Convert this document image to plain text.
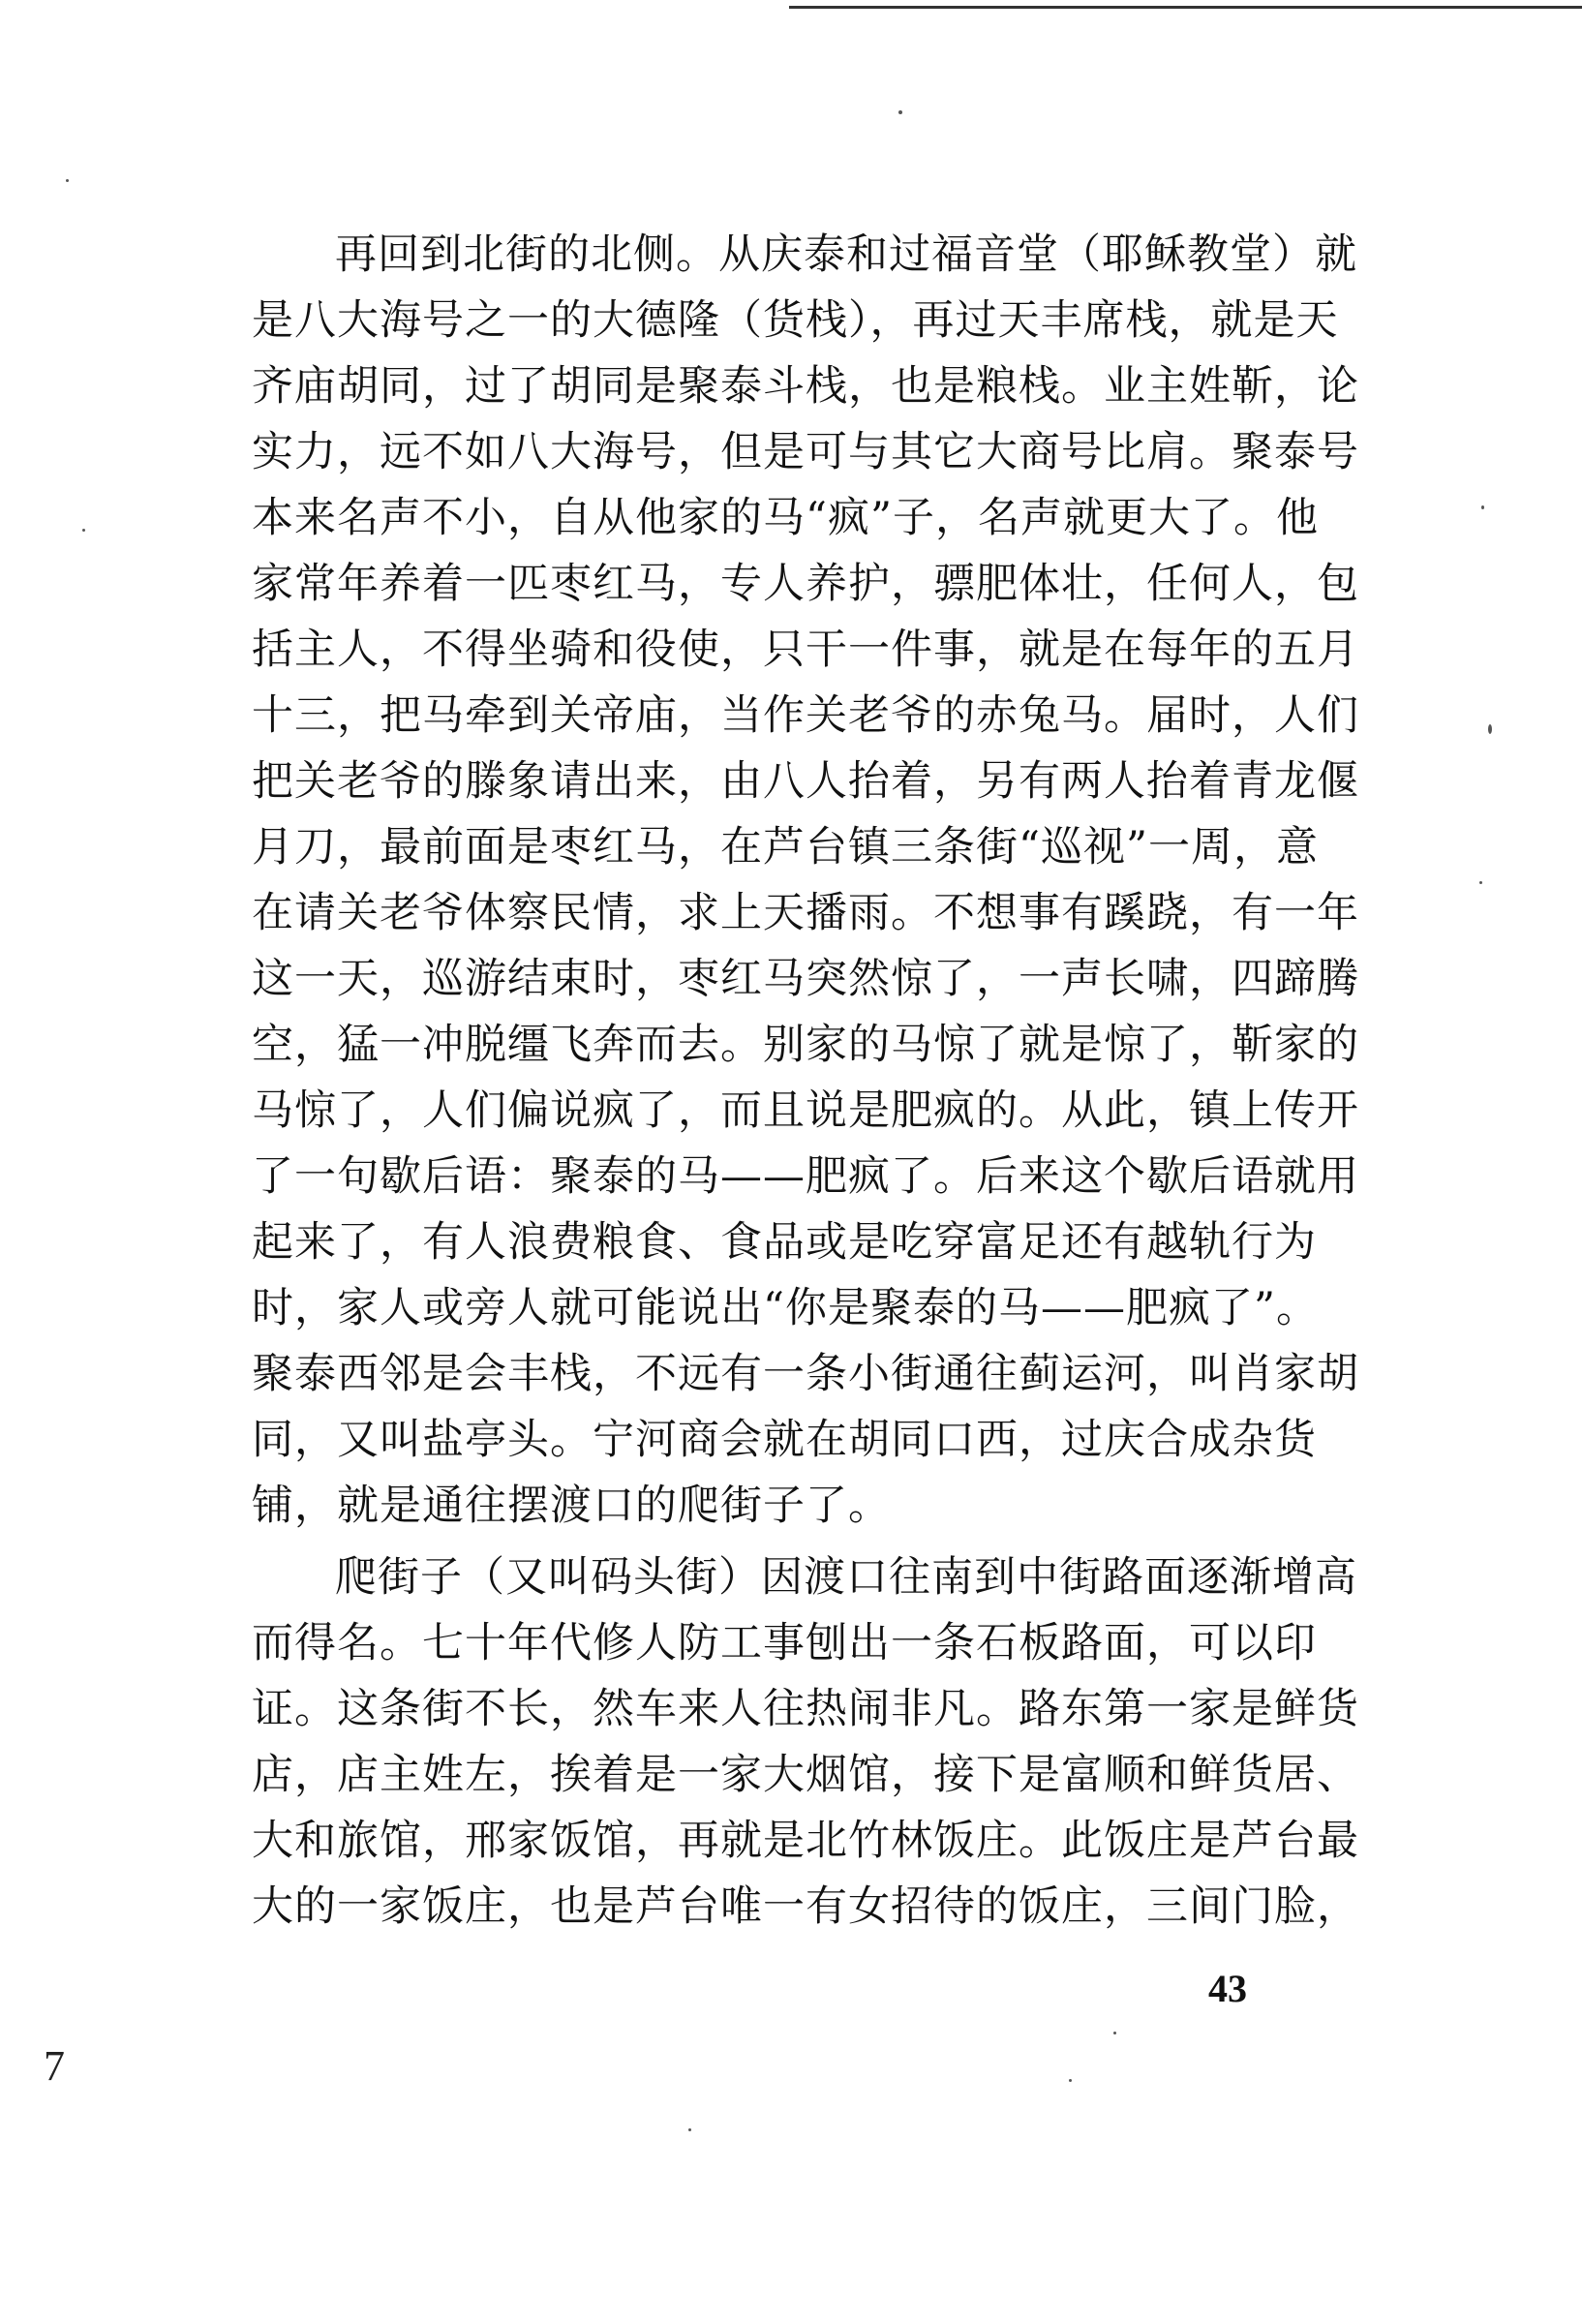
再回到北街的北侧。从庆泰和过福音堂（耶稣教堂）就
是八大海号之一的大德隆（货栈），再过天丰席栈，就是天
齐庙胡同，过了胡同是聚泰斗栈，也是粮栈。业主姓靳，论
实力，远不如八大海号，但是可与其它大商号比肩。聚泰号
本来名声不小，自从他家的马“疯”子，名声就更大了。他
家常年养着一匹枣红马，专人养护，骠肥体壮，任何人，包
括主人，不得坐骑和役使，只干一件事，就是在每年的五月
十三，把马牵到关帝庙，当作关老爷的赤兔马。届时，人们
把关老爷的滕象请出来，由八人抬着，另有两人抬着青龙偃
月刀，最前面是枣红马，在芦台镇三条街“巡视”一周，意
在请关老爷体察民情，求上天播雨。不想事有蹊跷，有一年
这一天，巡游结束时，枣红马突然惊了，一声长啸，四蹄腾
空，猛一冲脱缰飞奔而去。别家的马惊了就是惊了，靳家的
马惊了，人们偏说疯了，而且说是肥疯的。从此，镇上传开
了一句歇后语：聚泰的马——肥疯了。后来这个歇后语就用
起来了，有人浪费粮食、食品或是吃穿富足还有越轨行为
时，家人或旁人就可能说出“你是聚泰的马——肥疯了”。
聚泰西邻是会丰栈，不远有一条小街通往蓟运河，叫肖家胡
同，又叫盐亭头。宁河商会就在胡同口西，过庆合成杂货
铺，就是通往摆渡口的爬街子了。
爬街子（又叫码头街）因渡口往南到中街路面逐渐增高
而得名。七十年代修人防工事刨出一条石板路面，可以印
证。这条街不长，然车来人往热闹非凡。路东第一家是鲜货
店，店主姓左，挨着是一家大烟馆，接下是富顺和鲜货居、
大和旅馆，邢家饭馆，再就是北竹林饭庄。此饭庄是芦台最
大的一家饭庄，也是芦台唯一有女招待的饭庄，三间门脸，
43
7
